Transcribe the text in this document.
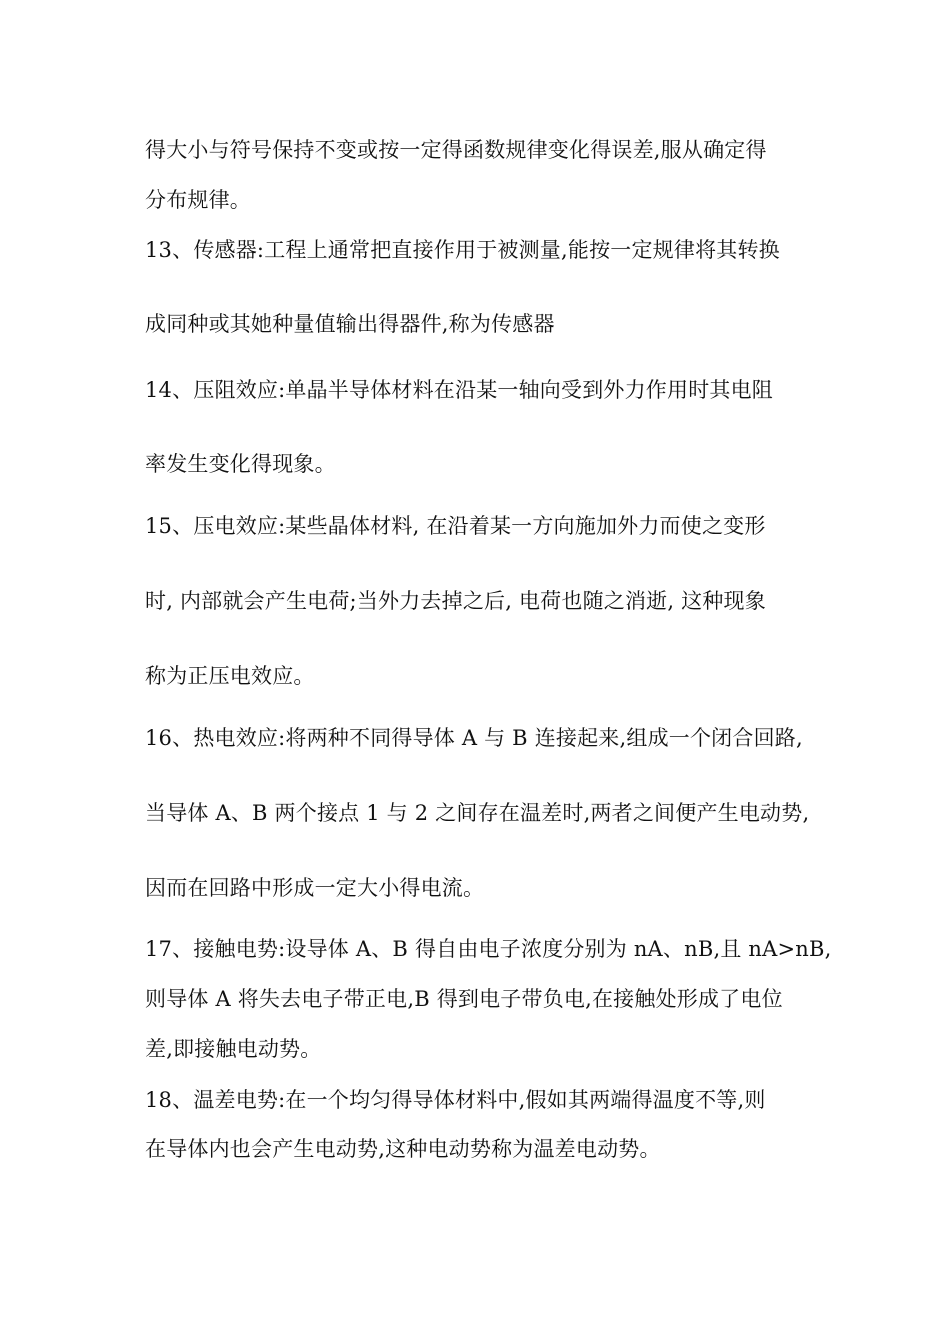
得大小与符号保持不变或按一定得函数规律变化得误差,服从确定得
分布规律。
13、传感器:工程上通常把直接作用于被测量,能按一定规律将其转换
成同种或其她种量值输出得器件,称为传感器
14、压阻效应:单晶半导体材料在沿某一轴向受到外力作用时其电阻
率发生变化得现象。
15、压电效应:某些晶体材料, 在沿着某一方向施加外力而使之变形
时, 内部就会产生电荷;当外力去掉之后, 电荷也随之消逝, 这种现象
称为正压电效应。
16、热电效应:将两种不同得导体 A 与 B 连接起来,组成一个闭合回路,
当导体 A、B 两个接点 1 与 2 之间存在温差时,两者之间便产生电动势,
因而在回路中形成一定大小得电流。
17、接触电势:设导体 A、B 得自由电子浓度分别为 nA、nB,且 nA>nB,
则导体 A 将失去电子带正电,B 得到电子带负电,在接触处形成了电位
差,即接触电动势。
18、温差电势:在一个均匀得导体材料中,假如其两端得温度不等,则
在导体内也会产生电动势,这种电动势称为温差电动势。
